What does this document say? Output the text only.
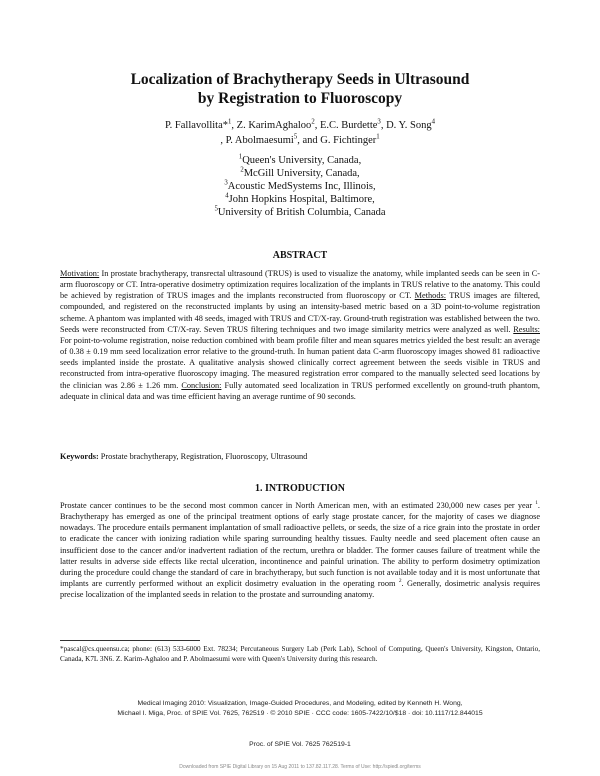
Localization of Brachytherapy Seeds in Ultrasound
by Registration to Fluoroscopy
P. Fallavollita*$^1$, Z. KarimAghaloo$^2$, E.C. Burdette$^3$, D. Y. Song$^4$
, P. Abolmaesumi$^5$, and G. Fichtinger$^1$
$^1$Queen's University, Canada,
$^2$McGill University, Canada,
$^3$Acoustic MedSystems Inc, Illinois,
$^4$John Hopkins Hospital, Baltimore,
$^5$University of British Columbia, Canada
ABSTRACT
Motivation: In prostate brachytherapy, transrectal ultrasound (TRUS) is used to visualize the anatomy, while implanted seeds can be seen in C-arm fluoroscopy or CT. Intra-operative dosimetry optimization requires localization of the implants in TRUS relative to the anatomy. This could be achieved by registration of TRUS images and the implants reconstructed from fluoroscopy or CT. Methods: TRUS images are filtered, compounded, and registered on the reconstructed implants by using an intensity-based metric based on a 3D point-to-volume registration scheme. A phantom was implanted with 48 seeds, imaged with TRUS and CT/X-ray. Ground-truth registration was established between the two. Seeds were reconstructed from CT/X-ray. Seven TRUS filtering techniques and two image similarity metrics were analyzed as well. Results: For point-to-volume registration, noise reduction combined with beam profile filter and mean squares metrics yielded the best result: an average of 0.38 ± 0.19 mm seed localization error relative to the ground-truth. In human patient data C-arm fluoroscopy images showed 81 radioactive seeds implanted inside the prostate. A qualitative analysis showed clinically correct agreement between the seeds visible in TRUS and reconstructed from intra-operative fluoroscopy imaging. The measured registration error compared to the manually selected seed locations by the clinician was 2.86 ± 1.26 mm. Conclusion: Fully automated seed localization in TRUS performed excellently on ground-truth phantom, adequate in clinical data and was time efficient having an average runtime of 90 seconds.
Keywords: Prostate brachytherapy, Registration, Fluoroscopy, Ultrasound
1. INTRODUCTION
Prostate cancer continues to be the second most common cancer in North American men, with an estimated 230,000 new cases per year $^1$. Brachytherapy has emerged as one of the principal treatment options of early stage prostate cancer, for the majority of cases we diagnose nowadays. The procedure entails permanent implantation of small radioactive pellets, or seeds, the size of a rice grain into the prostate in order to eradicate the cancer with ionizing radiation while sparing surrounding healthy tissues. Faulty needle and seed placement often cause an insufficient dose to the cancer and/or inadvertent radiation of the rectum, urethra or bladder. The former causes failure of treatment while the latter results in adverse side effects like rectal ulceration, incontinence and painful urination. The ability to perform dosimetry optimization during the procedure could change the standard of care in brachytherapy, but such function is not available today and it is most unfortunate that implants are currently performed without an explicit dosimetry evaluation in the operating room $^2$. Generally, dosimetric analysis requires precise localization of the implanted seeds in relation to the prostate and surrounding anatomy.
*pascal@cs.queensu.ca; phone: (613) 533-6000 Ext. 78234; Percutaneous Surgery Lab (Perk Lab), School of Computing, Queen's University, Kingston, Ontario, Canada, K7L 3N6. Z. Karim-Aghaloo and P. Abolmaesumi were with Queen's University during this research.
Medical Imaging 2010: Visualization, Image-Guided Procedures, and Modeling, edited by Kenneth H. Wong,
Michael I. Miga, Proc. of SPIE Vol. 7625, 762519 · © 2010 SPIE · CCC code: 1605-7422/10/$18 · doi: 10.1117/12.844015
Proc. of SPIE Vol. 7625 762519-1
Downloaded from SPIE Digital Library on 15 Aug 2011 to 137.82.117.28. Terms of Use: http://spiedl.org/terms
